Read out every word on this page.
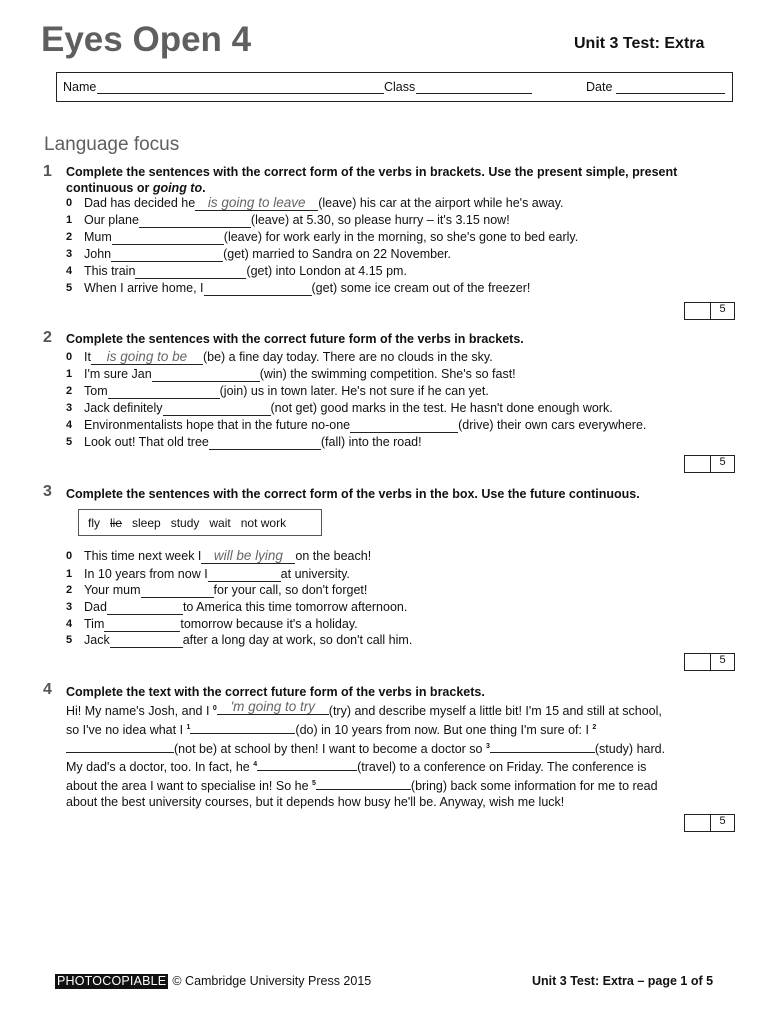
Eyes Open 4	Unit 3 Test: Extra
Name	Class	Date
Language focus
1 Complete the sentences with the correct form of the verbs in brackets. Use the present simple, present continuous or going to.
0 Dad has decided he is going to leave	(leave) his car at the airport while he's away.
1 Our plane	(leave) at 5.30, so please hurry – it's 3.15 now!
2 Mum	(leave) for work early in the morning, so she's gone to bed early.
3 John	(get) married to Sandra on 22 November.
4 This train	(get) into London at 4.15 pm.
5 When I arrive home, I	(get) some ice cream out of the freezer!
5
2 Complete the sentences with the correct future form of the verbs in brackets.
0 It	is going to be	(be) a fine day today. There are no clouds in the sky.
1 I'm sure Jan	(win) the swimming competition. She's so fast!
2 Tom	(join) us in town later. He's not sure if he can yet.
3 Jack definitely	(not get) good marks in the test. He hasn't done enough work.
4 Environmentalists hope that in the future no-one	(drive) their own cars everywhere.
5 Look out! That old tree	(fall) into the road!
5
3 Complete the sentences with the correct form of the verbs in the box. Use the future continuous.
fly lie sleep study wait not work
0 This time next week I will be lying on the beach!
1 In 10 years from now I	at university.
2 Your mum	for your call, so don't forget!
3 Dad	to America this time tomorrow afternoon.
4 Tim	tomorrow because it's a holiday.
5 Jack	after a long day at work, so don't call him.
5
4 Complete the text with the correct future form of the verbs in brackets.
Hi! My name's Josh, and I $^0$	'm going to try	(try) and describe myself a little bit! I'm 15 and still at school, so I've no idea what I $^1$	(do) in 10 years from now. But one thing I'm sure of: I $^2$(not be) at school by then! I want to become a doctor so $^3$	(study) hard. My dad's a doctor, too. In fact, he $^4$	(travel) to a conference on Friday. The conference is about the area I want to specialise in! So he $^5$	(bring) back some information for me to read about the best university courses, but it depends how busy he'll be. Anyway, wish me luck!
5
PHOTOCOPIABLE © Cambridge University Press 2015	Unit 3 Test: Extra – page 1 of 5
